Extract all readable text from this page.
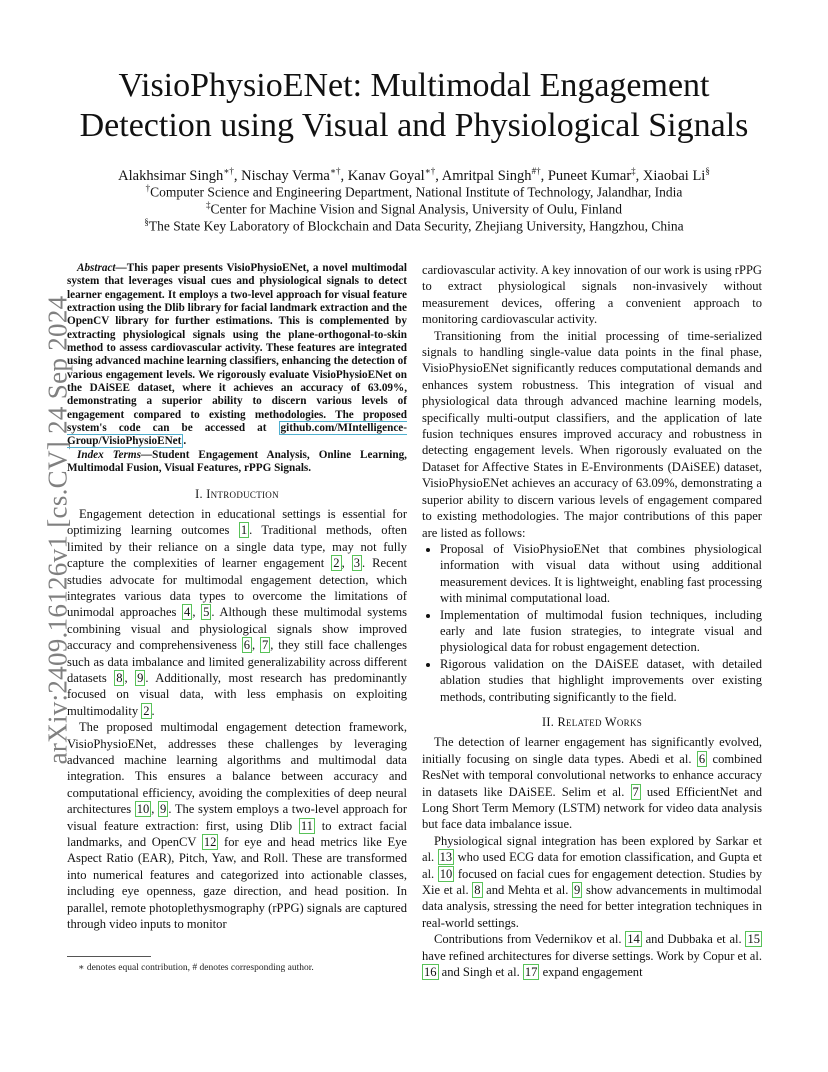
arXiv:2409.16126v1 [cs.CV] 24 Sep 2024
VisioPhysioENet: Multimodal Engagement
Detection using Visual and Physiological Signals
Alakhsimar Singh∗†, Nischay Verma∗†, Kanav Goyal∗†, Amritpal Singh#†, Puneet Kumar‡, Xiaobai Li§
†Computer Science and Engineering Department, National Institute of Technology, Jalandhar, India
‡Center for Machine Vision and Signal Analysis, University of Oulu, Finland
§The State Key Laboratory of Blockchain and Data Security, Zhejiang University, Hangzhou, China

Abstract—This paper presents VisioPhysioENet, a novel multimodal system that leverages visual cues and physiological signals to detect learner engagement. It employs a two-level approach for visual feature extraction using the Dlib library for facial landmark extraction and the OpenCV library for further estimations. This is complemented by extracting physiological signals using the plane-orthogonal-to-skin method to assess cardiovascular activity. These features are integrated using advanced machine learning classifiers, enhancing the detection of various engagement levels. We rigorously evaluate VisioPhysioENet on the DAiSEE dataset, where it achieves an accuracy of 63.09%, demonstrating a superior ability to discern various levels of engagement compared to existing methodologies. The proposed system's code can be accessed at github.com/MIntelligence-Group/VisioPhysioENet .

Index Terms—Student Engagement Analysis, Online Learning, Multimodal Fusion, Visual Features, rPPG Signals.

I. Introduction

Engagement detection in educational settings is essential for optimizing learning outcomes 1 . Traditional methods, often limited by their reliance on a single data type, may not fully capture the complexities of learner engagement 2 , 3 . Recent studies advocate for multimodal engagement detection, which integrates various data types to overcome the limitations of unimodal approaches 4 , 5 . Although these multimodal systems combining visual and physiological signals show improved accuracy and comprehensiveness 6 , 7 , they still face challenges such as data imbalance and limited generalizability across different datasets 8 , 9 . Additionally, most research has predominantly focused on visual data, with less emphasis on exploiting multimodality 2 .

The proposed multimodal engagement detection framework, VisioPhysioENet, addresses these challenges by leveraging advanced machine learning algorithms and multimodal data integration. This ensures a balance between accuracy and computational efficiency, avoiding the complexities of deep neural architectures 10 , 9 . The system employs a two-level approach for visual feature extraction: first, using Dlib 11 to extract facial landmarks, and OpenCV 12 for eye and head metrics like Eye Aspect Ratio (EAR), Pitch, Yaw, and Roll. These are transformed into numerical features and categorized into actionable classes, including eye openness, gaze direction, and head position. In parallel, remote photoplethysmography (rPPG) signals are captured through video inputs to monitor

cardiovascular activity. A key innovation of our work is using rPPG to extract physiological signals non-invasively without measurement devices, offering a convenient approach to monitoring cardiovascular activity.

Transitioning from the initial processing of time-serialized signals to handling single-value data points in the final phase, VisioPhysioENet significantly reduces computational demands and enhances system robustness. This integration of visual and physiological data through advanced machine learning models, specifically multi-output classifiers, and the application of late fusion techniques ensures improved accuracy and robustness in detecting engagement levels. When rigorously evaluated on the Dataset for Affective States in E-Environments (DAiSEE) dataset, VisioPhysioENet achieves an accuracy of 63.09%, demonstrating a superior ability to discern various levels of engagement compared to existing methodologies. The major contributions of this paper are listed as follows:

• Proposal of VisioPhysioENet that combines physiological information with visual data without using additional measurement devices. It is lightweight, enabling fast processing with minimal computational load.
• Implementation of multimodal fusion techniques, including early and late fusion strategies, to integrate visual and physiological data for robust engagement detection.
• Rigorous validation on the DAiSEE dataset, with detailed ablation studies that highlight improvements over existing methods, contributing significantly to the field.
II. Related Works

The detection of learner engagement has significantly evolved, initially focusing on single data types. Abedi et al. 6 combined ResNet with temporal convolutional networks to enhance accuracy in datasets like DAiSEE. Selim et al. 7 used EfficientNet and Long Short Term Memory (LSTM) network for video data analysis but face data imbalance issue.

Physiological signal integration has been explored by Sarkar et al. 13 who used ECG data for emotion classification, and Gupta et al. 10 focused on facial cues for engagement detection. Studies by Xie et al. 8 and Mehta et al. 9 show advancements in multimodal data analysis, stressing the need for better integration techniques in real-world settings.

Contributions from Vedernikov et al. 14 and Dubbaka et al. 15 have refined architectures for diverse settings. Work by Copur et al. 16 and Singh et al. 17 expand engagement

∗ denotes equal contribution, # denotes corresponding author.
